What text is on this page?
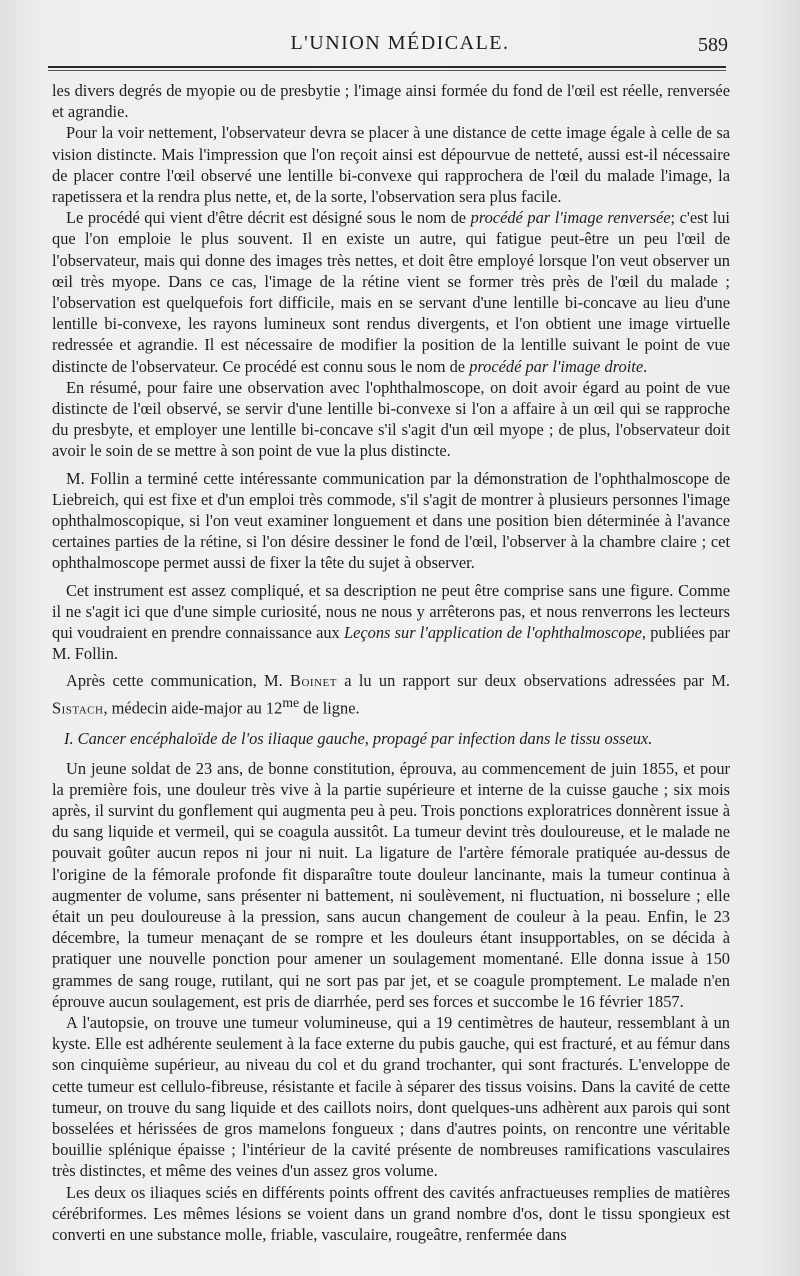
L'UNION MÉDICALE.	589

les divers degrés de myopie ou de presbytie ; l'image ainsi formée du fond de l'œil est réelle, renversée et agrandie.

Pour la voir nettement, l'observateur devra se placer à une distance de cette image égale à celle de sa vision distincte. Mais l'impression que l'on reçoit ainsi est dépourvue de netteté, aussi est-il nécessaire de placer contre l'œil observé une lentille bi-convexe qui rapprochera de l'œil du malade l'image, la rapetissera et la rendra plus nette, et, de la sorte, l'observation sera plus facile.

Le procédé qui vient d'être décrit est désigné sous le nom de procédé par l'image renversée; c'est lui que l'on emploie le plus souvent. Il en existe un autre, qui fatigue peut-être un peu l'œil de l'observateur, mais qui donne des images très nettes, et doit être employé lorsque l'on veut observer un œil très myope. Dans ce cas, l'image de la rétine vient se former très près de l'œil du malade ; l'observation est quelquefois fort difficile, mais en se servant d'une lentille bi-concave au lieu d'une lentille bi-convexe, les rayons lumineux sont rendus divergents, et l'on obtient une image virtuelle redressée et agrandie. Il est nécessaire de modifier la position de la lentille suivant le point de vue distincte de l'observateur. Ce procédé est connu sous le nom de procédé par l'image droite.

En résumé, pour faire une observation avec l'ophthalmoscope, on doit avoir égard au point de vue distincte de l'œil observé, se servir d'une lentille bi-convexe si l'on a affaire à un œil qui se rapproche du presbyte, et employer une lentille bi-concave s'il s'agit d'un œil myope ; de plus, l'observateur doit avoir le soin de se mettre à son point de vue la plus distincte.

M. Follin a terminé cette intéressante communication par la démonstration de l'ophthalmoscope de Liebreich, qui est fixe et d'un emploi très commode, s'il s'agit de montrer à plusieurs personnes l'image ophthalmoscopique, si l'on veut examiner longuement et dans une position bien déterminée à l'avance certaines parties de la rétine, si l'on désire dessiner le fond de l'œil, l'observer à la chambre claire ; cet ophthalmoscope permet aussi de fixer la tête du sujet à observer.

Cet instrument est assez compliqué, et sa description ne peut être comprise sans une figure. Comme il ne s'agit ici que d'une simple curiosité, nous ne nous y arrêterons pas, et nous renverrons les lecteurs qui voudraient en prendre connaissance aux Leçons sur l'application de l'ophthalmoscope, publiées par M. Follin.

Après cette communication, M. Boinet a lu un rapport sur deux observations adressées par M. Sistach, médecin aide-major au $12^{me}$ de ligne.

I. Cancer encéphaloïde de l'os iliaque gauche, propagé par infection dans le tissu osseux.

Un jeune soldat de 23 ans, de bonne constitution, éprouva, au commencement de juin 1855, et pour la première fois, une douleur très vive à la partie supérieure et interne de la cuisse gauche ; six mois après, il survint du gonflement qui augmenta peu à peu. Trois ponctions exploratrices donnèrent issue à du sang liquide et vermeil, qui se coagula aussitôt. La tumeur devint très douloureuse, et le malade ne pouvait goûter aucun repos ni jour ni nuit. La ligature de l'artère fémorale pratiquée au-dessus de l'origine de la fémorale profonde fit disparaître toute douleur lancinante, mais la tumeur continua à augmenter de volume, sans présenter ni battement, ni soulèvement, ni fluctuation, ni bosselure ; elle était un peu douloureuse à la pression, sans aucun changement de couleur à la peau. Enfin, le 23 décembre, la tumeur menaçant de se rompre et les douleurs étant insupportables, on se décida à pratiquer une nouvelle ponction pour amener un soulagement momentané. Elle donna issue à 150 grammes de sang rouge, rutilant, qui ne sort pas par jet, et se coagule promptement. Le malade n'en éprouve aucun soulagement, est pris de diarrhée, perd ses forces et succombe le 16 février 1857.

A l'autopsie, on trouve une tumeur volumineuse, qui a 19 centimètres de hauteur, ressemblant à un kyste. Elle est adhérente seulement à la face externe du pubis gauche, qui est fracturé, et au fémur dans son cinquième supérieur, au niveau du col et du grand trochanter, qui sont fracturés. L'enveloppe de cette tumeur est cellulo-fibreuse, résistante et facile à séparer des tissus voisins. Dans la cavité de cette tumeur, on trouve du sang liquide et des caillots noirs, dont quelques-uns adhèrent aux parois qui sont bosselées et hérissées de gros mamelons fongueux ; dans d'autres points, on rencontre une véritable bouillie splénique épaisse ; l'intérieur de la cavité présente de nombreuses ramifications vasculaires très distinctes, et même des veines d'un assez gros volume.

Les deux os iliaques sciés en différents points offrent des cavités anfractueuses remplies de matières cérébriformes. Les mêmes lésions se voient dans un grand nombre d'os, dont le tissu spongieux est converti en une substance molle, friable, vasculaire, rougeâtre, renfermée dans
